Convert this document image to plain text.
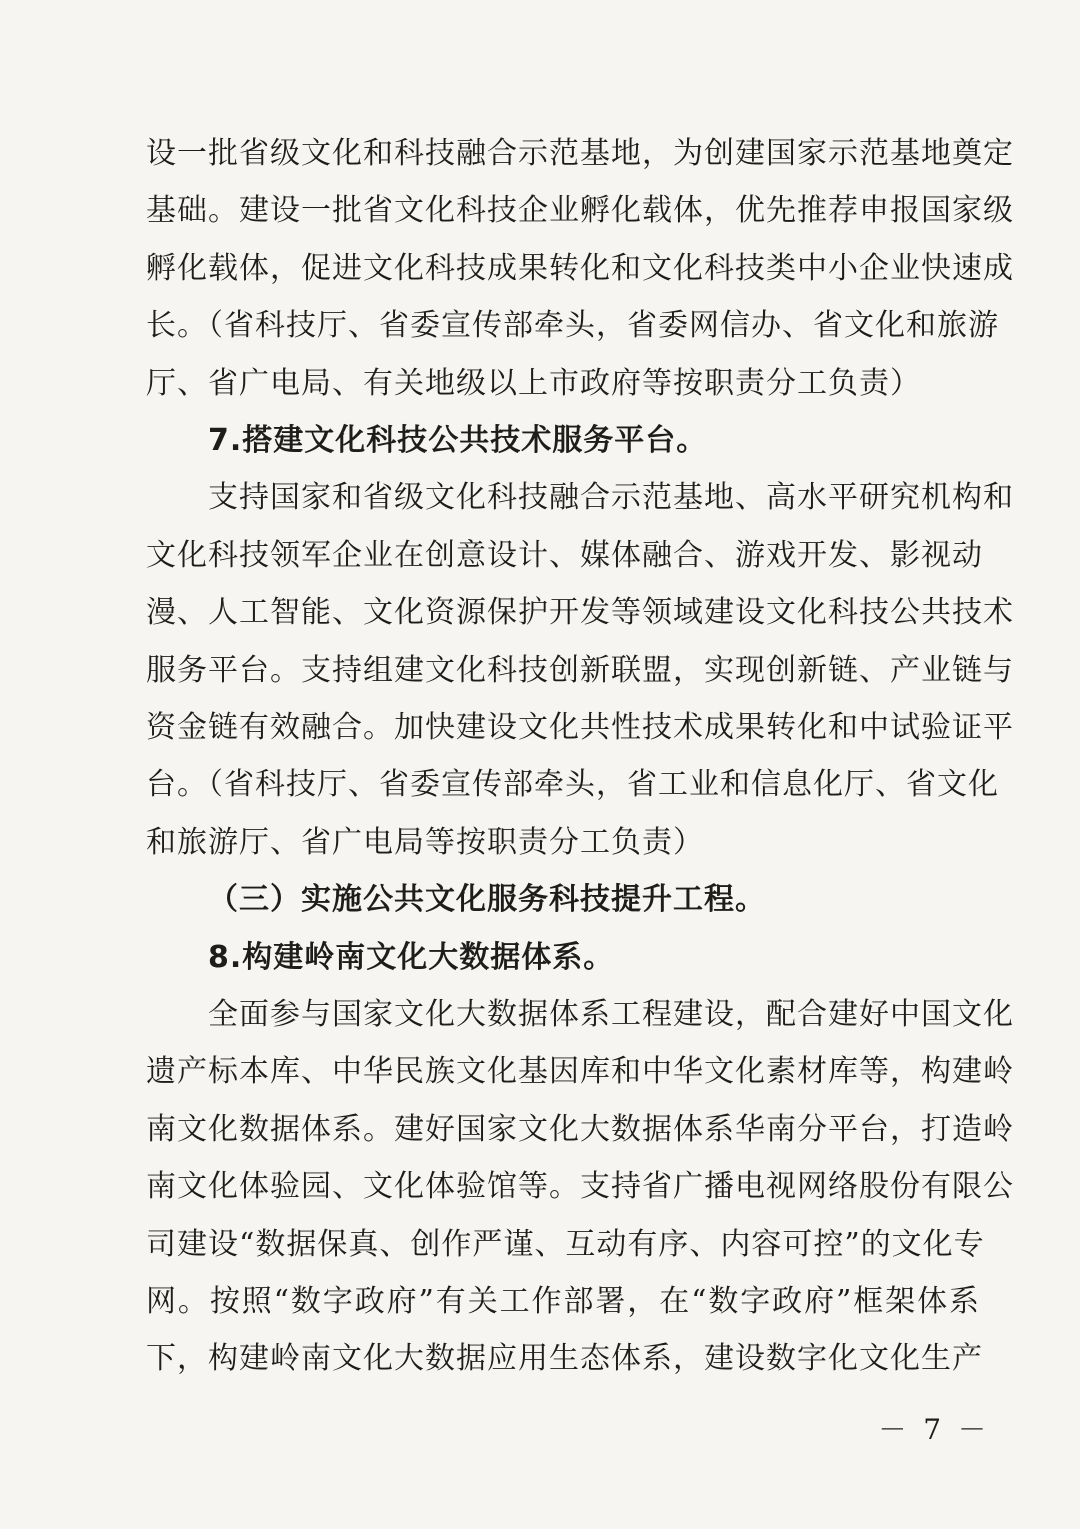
设一批省级文化和科技融合示范基地，为创建国家示范基地奠定
基础。建设一批省文化科技企业孵化载体，优先推荐申报国家级
孵化载体，促进文化科技成果转化和文化科技类中小企业快速成
长。（省科技厅、省委宣传部牵头，省委网信办、省文化和旅游
厅、省广电局、有关地级以上市政府等按职责分工负责）
7.搭建文化科技公共技术服务平台。
支持国家和省级文化科技融合示范基地、高水平研究机构和
文化科技领军企业在创意设计、媒体融合、游戏开发、影视动
漫、人工智能、文化资源保护开发等领域建设文化科技公共技术
服务平台。支持组建文化科技创新联盟，实现创新链、产业链与
资金链有效融合。加快建设文化共性技术成果转化和中试验证平
台。（省科技厅、省委宣传部牵头，省工业和信息化厅、省文化
和旅游厅、省广电局等按职责分工负责）
（三）实施公共文化服务科技提升工程。
8.构建岭南文化大数据体系。
全面参与国家文化大数据体系工程建设，配合建好中国文化
遗产标本库、中华民族文化基因库和中华文化素材库等，构建岭
南文化数据体系。建好国家文化大数据体系华南分平台，打造岭
南文化体验园、文化体验馆等。支持省广播电视网络股份有限公
司建设“数据保真、创作严谨、互动有序、内容可控”的文化专
网。按照“数字政府”有关工作部署，在“数字政府”框架体系
下，构建岭南文化大数据应用生态体系，建设数字化文化生产
－ 7 －
